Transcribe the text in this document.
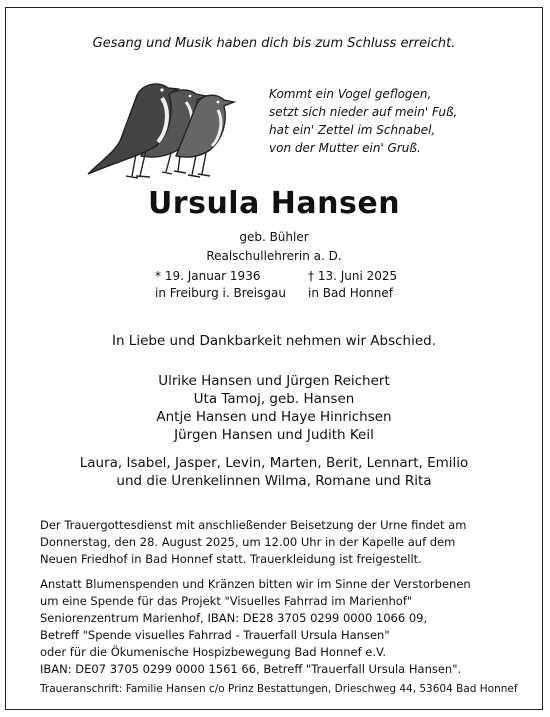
Gesang und Musik haben dich bis zum Schluss erreicht.
Kommt ein Vogel geflogen,
setzt sich nieder auf mein' Fuß,
hat ein' Zettel im Schnabel,
von der Mutter ein' Gruß.
Ursula Hansen
geb. Bühler
Realschullehrerin a. D.
* 19. Januar 1936
in Freiburg i. Breisgau
† 13. Juni 2025
in Bad Honnef
In Liebe und Dankbarkeit nehmen wir Abschied.
Ulrike Hansen und Jürgen Reichert
Uta Tamoj, geb. Hansen
Antje Hansen und Haye Hinrichsen
Jürgen Hansen und Judith Keil
Laura, Isabel, Jasper, Levin, Marten, Berit, Lennart, Emilio
und die Urenkelinnen Wilma, Romane und Rita
Der Trauergottesdienst mit anschließender Beisetzung der Urne findet am
Donnerstag, den 28. August 2025, um 12.00 Uhr in der Kapelle auf dem
Neuen Friedhof in Bad Honnef statt. Trauerkleidung ist freigestellt.
Anstatt Blumenspenden und Kränzen bitten wir im Sinne der Verstorbenen
um eine Spende für das Projekt "Visuelles Fahrrad im Marienhof"
Seniorenzentrum Marienhof, IBAN: DE28 3705 0299 0000 1066 09,
Betreff "Spende visuelles Fahrrad - Trauerfall Ursula Hansen"
oder für die Ökumenische Hospizbewegung Bad Honnef e.V.
IBAN: DE07 3705 0299 0000 1561 66, Betreff "Trauerfall Ursula Hansen".
Traueranschrift: Familie Hansen c/o Prinz Bestattungen, Drieschweg 44, 53604 Bad Honnef
